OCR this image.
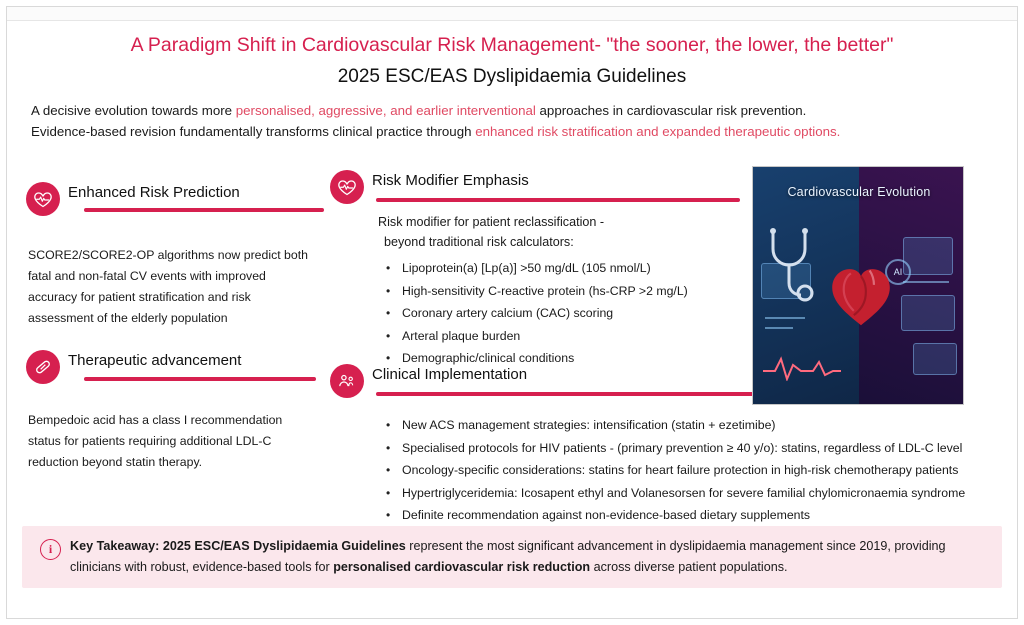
A Paradigm Shift in Cardiovascular Risk Management- "the sooner, the lower, the better"
2025 ESC/EAS Dyslipidaemia Guidelines
A decisive evolution towards more personalised, aggressive, and earlier interventional approaches in cardiovascular risk prevention.
Evidence-based revision fundamentally transforms clinical practice through enhanced risk stratification and expanded therapeutic options.
Enhanced Risk Prediction
SCORE2/SCORE2-OP algorithms now predict both fatal and non-fatal CV events with improved accuracy for patient stratification and risk assessment of the elderly population
Therapeutic advancement
Bempedoic acid has a class I recommendation status for patients requiring additional LDL-C reduction beyond statin therapy.
Risk Modifier Emphasis
Risk modifier for patient reclassification -
beyond traditional risk calculators:
• Lipoprotein(a) [Lp(a)] >50 mg/dL (105 nmol/L)
• High-sensitivity C-reactive protein (hs-CRP >2 mg/L)
• Coronary artery calcium (CAC) scoring
• Arteral plaque burden
• Demographic/clinical conditions
Clinical Implementation
• New ACS management strategies: intensification (statin + ezetimibe)
• Specialised protocols for HIV patients - (primary prevention ≥ 40 y/o): statins, regardless of LDL-C level
• Oncology-specific considerations: statins for heart failure protection in high-risk chemotherapy patients
• Hypertriglyceridemia: Icosapent ethyl and Volanesorsen for severe familial chylomicronaemia syndrome
• Definite recommendation against non-evidence-based dietary supplements
AI
Cardiovascular Evolution
i	Key Takeaway: 2025 ESC/EAS Dyslipidaemia Guidelines represent the most significant advancement in dyslipidaemia management since 2019, providing clinicians with robust, evidence-based tools for personalised cardiovascular risk reduction across diverse patient populations.
